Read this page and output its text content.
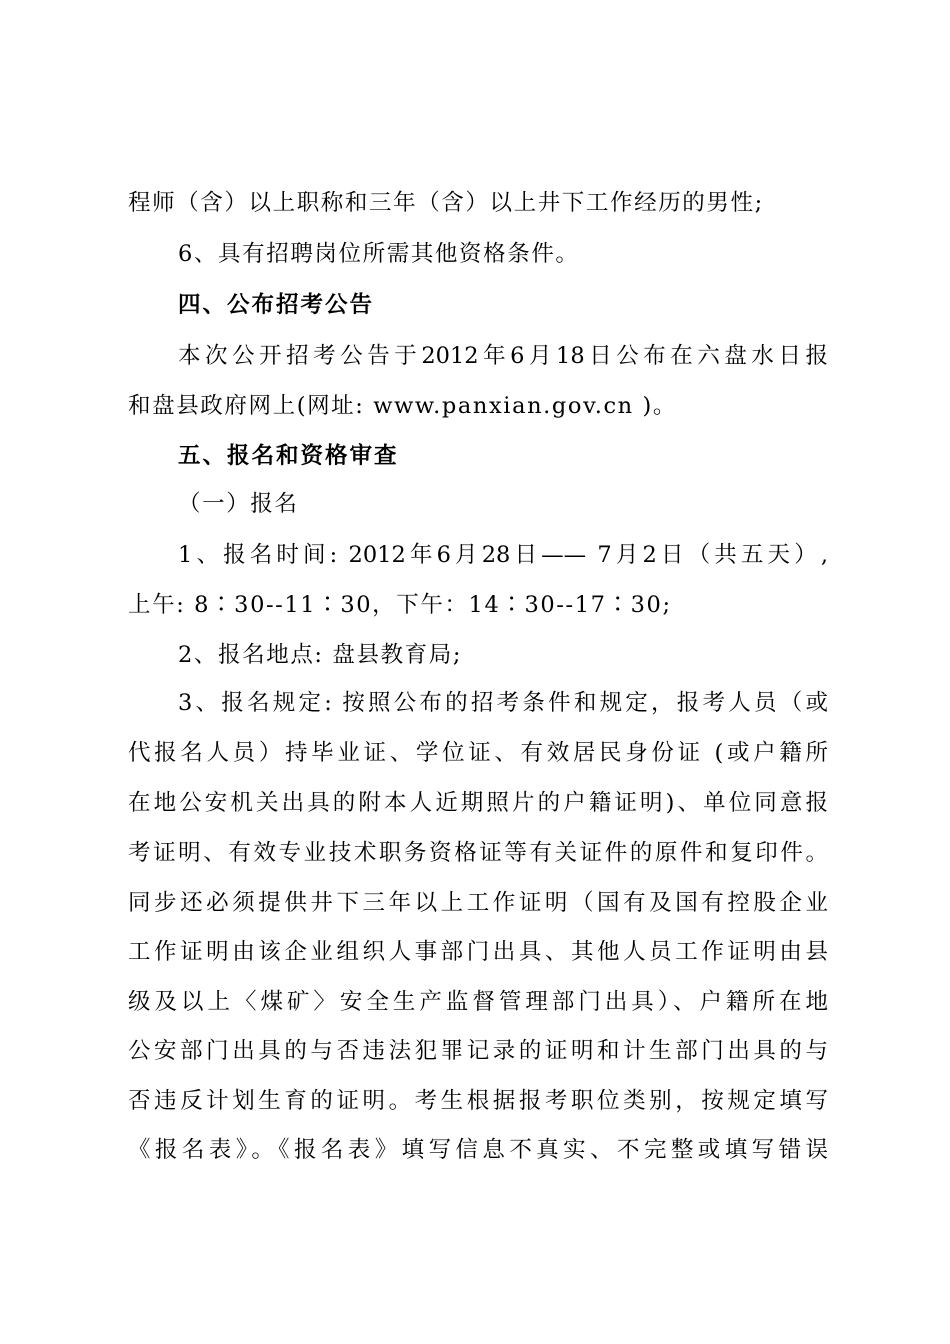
程师（含）以上职称和三年（含）以上井下工作经历的男性;
6、具有招聘岗位所需其他资格条件。
四、公布招考公告
本次公开招考公告于2012年6月18日公布在六盘水日报
和盘县政府网上(网址: www.panxian.gov.cn )。
五、报名和资格审查
（一）报名
1、报名时间: 2012年6月28日—— 7月2日（共五天）,
上午: 8∶30--11∶30，下午：14∶30--17∶30;
2、报名地点: 盘县教育局;
3、报名规定: 按照公布的招考条件和规定，报考人员（或
代报名人员）持毕业证、学位证、有效居民身份证 (或户籍所
在地公安机关出具的附本人近期照片的户籍证明)、单位同意报
考证明、有效专业技术职务资格证等有关证件的原件和复印件。
同步还必须提供井下三年以上工作证明（国有及国有控股企业
工作证明由该企业组织人事部门出具、其他人员工作证明由县
级及以上〈煤矿〉安全生产监督管理部门出具）、户籍所在地
公安部门出具的与否违法犯罪记录的证明和计生部门出具的与
否违反计划生育的证明。考生根据报考职位类别，按规定填写
《报名表》。《报名表》填写信息不真实、不完整或填写错误
